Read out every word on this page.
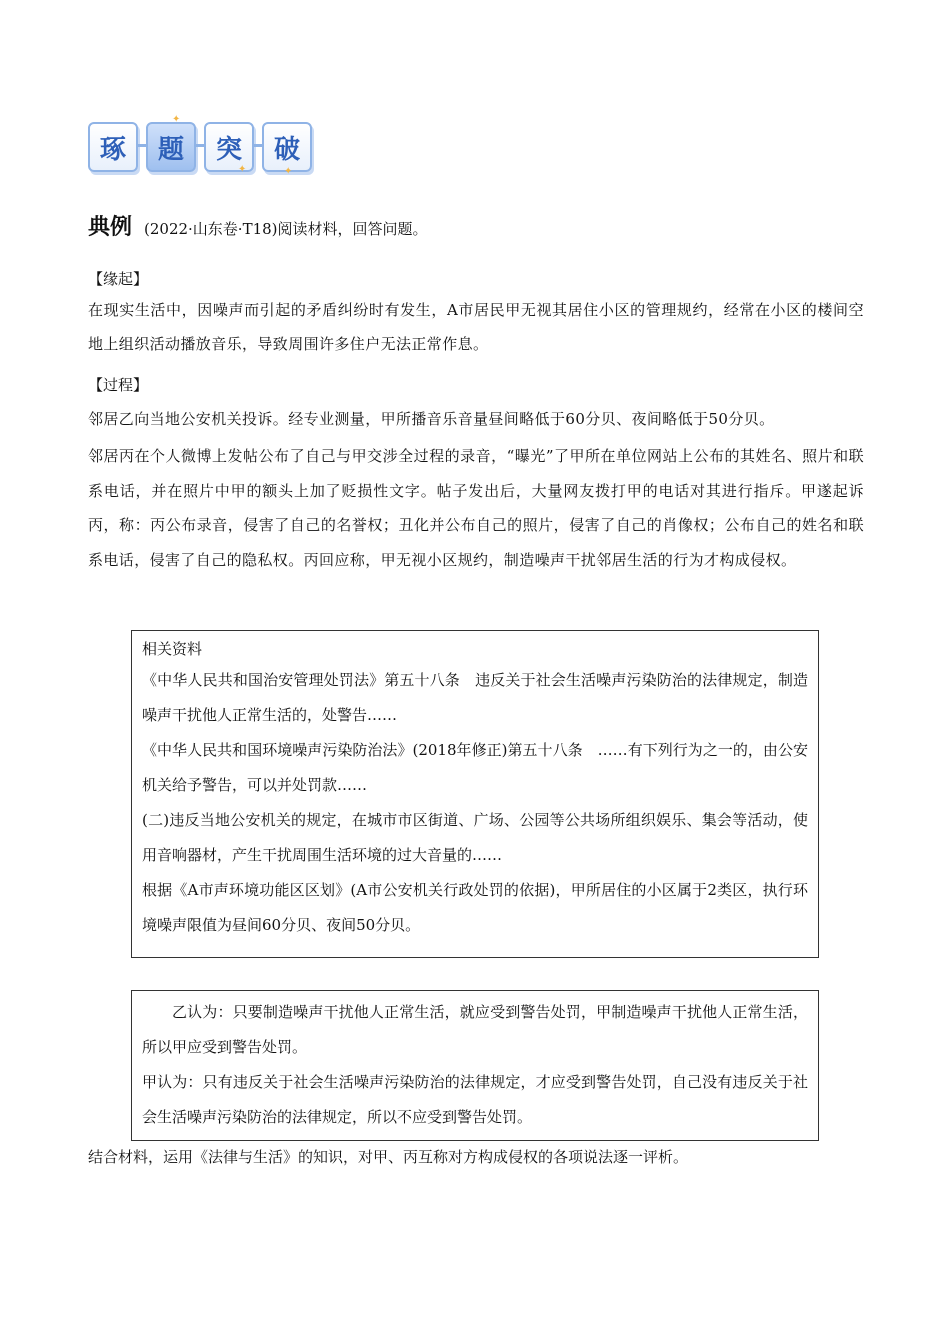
琢	题	突	破
✦
✦	✦
典例 (2022·山东卷·T18)阅读材料，回答问题。
【缘起】
在现实生活中，因噪声而引起的矛盾纠纷时有发生，A市居民甲无视其居住小区的管理规约，经常在小区的楼间空地上组织活动播放音乐，导致周围许多住户无法正常作息。
【过程】
邻居乙向当地公安机关投诉。经专业测量，甲所播音乐音量昼间略低于60分贝、夜间略低于50分贝。
邻居丙在个人微博上发帖公布了自己与甲交涉全过程的录音，“曝光”了甲所在单位网站上公布的其姓名、照片和联系电话，并在照片中甲的额头上加了贬损性文字。帖子发出后，大量网友拨打甲的电话对其进行指斥。甲遂起诉丙，称：丙公布录音，侵害了自己的名誉权；丑化并公布自己的照片，侵害了自己的肖像权；公布自己的姓名和联系电话，侵害了自己的隐私权。丙回应称，甲无视小区规约，制造噪声干扰邻居生活的行为才构成侵权。

相关资料

《中华人民共和国治安管理处罚法》第五十八条　违反关于社会生活噪声污染防治的法律规定，制造噪声干扰他人正常生活的，处警告……

《中华人民共和国环境噪声污染防治法》(2018年修正)第五十八条　……有下列行为之一的，由公安机关给予警告，可以并处罚款……

(二)违反当地公安机关的规定，在城市市区街道、广场、公园等公共场所组织娱乐、集会等活动，使用音响器材，产生干扰周围生活环境的过大音量的……

根据《A市声环境功能区区划》(A市公安机关行政处罚的依据)，甲所居住的小区属于2类区，执行环境噪声限值为昼间60分贝、夜间50分贝。

乙认为：只要制造噪声干扰他人正常生活，就应受到警告处罚，甲制造噪声干扰他人正常生活，所以甲应受到警告处罚。

甲认为：只有违反关于社会生活噪声污染防治的法律规定，才应受到警告处罚，自己没有违反关于社会生活噪声污染防治的法律规定，所以不应受到警告处罚。

结合材料，运用《法律与生活》的知识，对甲、丙互称对方构成侵权的各项说法逐一评析。
